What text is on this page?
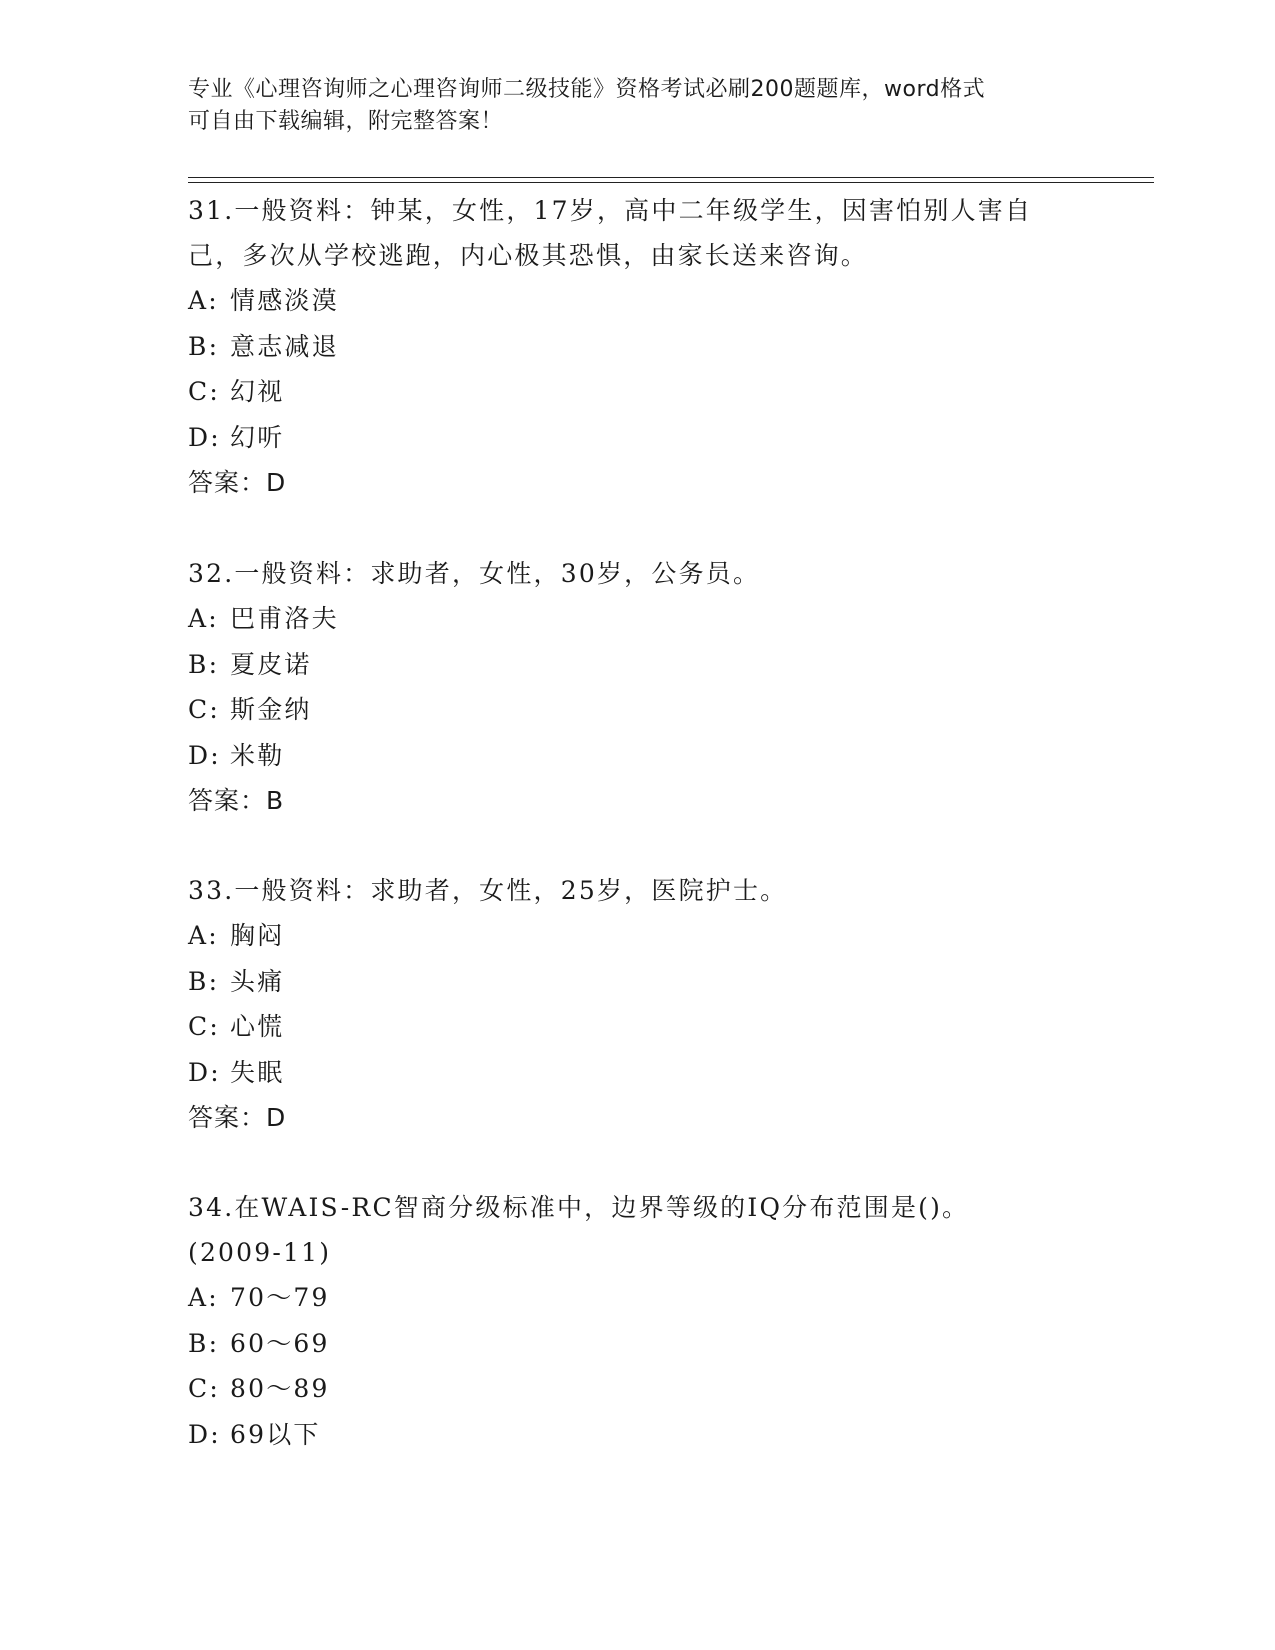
专业《心理咨询师之心理咨询师二级技能》资格考试必刷200题题库，word格式
可自由下载编辑，附完整答案！
31.一般资料：钟某，女性，17岁，高中二年级学生，因害怕别人害自
己，多次从学校逃跑，内心极其恐惧，由家长送来咨询。
A: 情感淡漠
B: 意志减退
C: 幻视
D: 幻听
答案：D
32.一般资料：求助者，女性，30岁，公务员。
A: 巴甫洛夫
B: 夏皮诺
C: 斯金纳
D: 米勒
答案：B
33.一般资料：求助者，女性，25岁，医院护士。
A: 胸闷
B: 头痛
C: 心慌
D: 失眠
答案：D
34.在WAIS-RC智商分级标准中，边界等级的IQ分布范围是()。
(2009-11)
A: 70～79
B: 60～69
C: 80～89
D: 69以下
